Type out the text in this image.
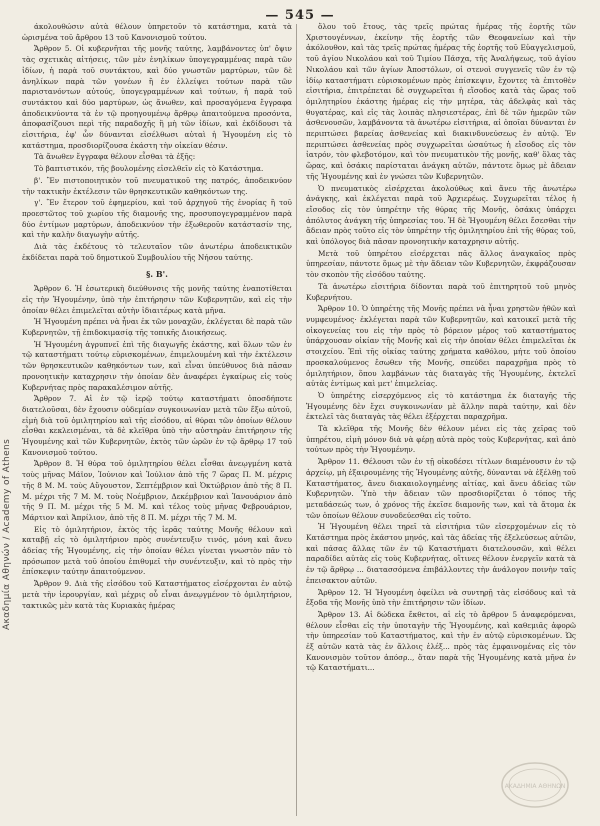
— 545 —
Ακαδημία Αθηνών / Academy of Athens

άκολουθώσιν αὐτὰ θέλουν ὑπηρετοῦν τὸ κατάστημα, κατὰ τὰ ὡρισμένα τοῦ ἄρθρου 13 τοῦ Κανονισμοῦ τούτου.

Ἄρθρον 5. Οἱ κυβερνῆται τῆς μονῆς ταύτης, λαμβάνοντες ὑπ' ὄψιν τὰς σχετικὰς αἰτήσεις, τῶν μὲν ἐνηλίκων ὑπογεγραμμένας παρὰ τῶν ἰδίων, ἡ παρὰ τοῦ συντάκτου, καὶ δύο γνωστῶν μαρτύρων, τῶν δὲ ἀνηλίκων παρὰ τῶν γονέων ἢ ἐν ἐλλείψει τούτων παρὰ τῶν παριστανόντων αὐτούς, ὑπογεγραμμένων καὶ τούτων, ἡ παρὰ τοῦ συντάκτου καὶ δύο μαρτύρων, ὡς ἄνωθεν, καὶ προσαγόμενα ἔγγραφα ἀποδεικνύοντα τὰ ἐν τῷ προηγουμένῳ ἄρθρῳ ἀπαιτούμενα προσόντα, ἀποφασίζουσι περὶ τῆς παραδοχῆς ἢ μὴ τῶν ἰδίων, καὶ ἐκδίδουσι τὰ εἰσιτήρια, ἐφ' ὧν δύνανται εἰσέλθωσι αὐταὶ ἡ Ἡγουμένη εἰς τὸ κατάστημα, προσδιορίζουσα ἑκάστη τὴν οἰκείαν θέσιν.

Τὰ ἄνωθεν ἔγγραφα θέλουν εἶσθαι τὰ ἑξῆς:

Τὸ βαπτιστικόν, τῆς βουλομένης εἰσελθεῖν εἰς τὸ Κατάστημα.

β'. Ἓν πιστοποιητικὸν τοῦ πνευματικοῦ της πατρός, ἀποδεικνύον τὴν τακτικὴν ἐκτέλεσιν τῶν θρησκευτικῶν καθηκόντων της.

γ'. Ἓν ἕτερον τοῦ ἐφημερίου, καὶ τοῦ ἀρχηγοῦ τῆς ἐνορίας ἢ τοῦ προεστῶτος τοῦ χωρίου τῆς διαμονῆς της, προσυπογεγραμμένον παρὰ δύο ἐντίμων μαρτύρων, ἀποδεικνύον τὴν ἐξωθεροῦν κατάστασίν της, καὶ τὴν καλὴν διαγωγὴν αὐτῆς.

Διὰ τὰς ἐκδέτους τὸ τελευταῖον τῶν ἀνωτέρω ἀποδεικτικῶν ἐκδίδεται παρὰ τοῦ δημοτικοῦ Συμβουλίου τῆς Νήσου ταύτης.

§. Β'.

Ἄρθρον 6. Ἡ ἐσωτερικὴ διεύθυνσις τῆς μονῆς ταύτης ἐναποτίθεται εἰς τὴν Ἡγουμένην, ὑπὸ τὴν ἐπιτήρησιν τῶν Κυβερνητῶν, καὶ εἰς τὴν ὁποίαν θέλει ἐπιμελεῖται αὐτὴν ἰδιαιτέρως κατὰ μῆνα.

Ἡ Ἡγουμένη πρέπει νὰ ἦναι ἐκ τῶν μοναχῶν, ἐκλέγεται δὲ παρὰ τῶν Κυβερνητῶν, τῇ ἐπιδοκιμασίᾳ τῆς τοπικῆς Διοικήσεως.

Ἡ Ἡγουμένη ἀγρυπνεῖ ἐπὶ τῆς διαγωγῆς ἑκάστης, καὶ ὅλων τῶν ἐν τῷ καταστήματι τούτῳ εὑρισκομένων, ἐπιμελουμένη καὶ τὴν ἐκτέλεσιν τῶν θρησκευτικῶν καθηκόντων των, καὶ εἶναι ὑπεύθυνος διὰ πᾶσαν προνοητικὴν καταχρησιν τὴν ὁποίαν δὲν ἀναφέρει ἐγκαίρως εἰς τοὺς Κυβερνήτας πρὸς παρακαλέσιμον αὐτῆς.

Ἄρθρον 7. Αἱ ἐν τῷ ἱερῷ τούτῳ καταστήματι ὁποσδήποτε διατελοῦσαι, δὲν ἔχουσιν οὐδεμίαν συγκοινωνίαν μετὰ τῶν ἔξω αὐτοῦ, εἰμὴ διὰ τοῦ ὁμιλητηρίου καὶ τῆς εἰσόδου, αἱ θύραι τῶν ὁποίων θέλουν εἶσθαι κεκλεισμέναι, τὰ δὲ κλεῖθρα ὑπὸ τὴν αὐστηρὰν ἐπιτήρησιν τῆς Ἡγουμένης καὶ τῶν Κυβερνητῶν, ἐκτὸς τῶν ὡρῶν ἐν τῷ ἄρθρῳ 17 τοῦ Κανονισμοῦ τούτου.

Ἄρθρον 8. Ἡ θύρα τοῦ ὁμιλητηρίου θέλει εἶσθαι ἀνεῳγμένη κατὰ τοὺς μῆνας Μάϊον, Ἰούνιον καὶ Ἰούλιον ἀπὸ τῆς 7 ὥρας Π. Μ. μέχρις τῆς 8 Μ. Μ. τοὺς Αὔγουστον, Σεπτέμβριον καὶ Ὀκτώβριον ἀπὸ τῆς 8 Π. Μ. μέχρι τῆς 7 Μ. Μ. τοὺς Νοέμβριον, Δεκέμβριον καὶ Ἰανουάριον ἀπὸ τῆς 9 Π. Μ. μέχρι τῆς 5 Μ. Μ. καὶ τέλος τοὺς μῆνας Φεβρουάριον, Μάρτιον καὶ Ἀπρίλιον, ἀπὸ τῆς 8 Π. Μ. μέχρι τῆς 7 Μ. Μ.

Εἰς τὸ ὁμιλητήριον, ἐκτὸς τῆς ἱερᾶς ταύτης Μονῆς θέλουν καὶ καταβῇ εἰς τὸ ὁμιλητήριον πρὸς συνέντευξιν τινός, μόνη καὶ ἄνευ ἀδείας τῆς Ἡγουμένης, εἰς τὴν ὁποίαν θέλει γίνεται γνωστὸν πᾶν τὸ πρόσωπον μετὰ τοῦ ὁποίου ἐπιθυμεῖ τὴν συνέντευξιν, καὶ τὸ πρὸς τὴν ἐπίσκεψιν ταύτην ἀπαιτούμενον.

Ἄρθρον 9. Διὰ τῆς εἰσόδου τοῦ Καταστήματος εἰσέρχονται ἐν αὐτῷ μετὰ τὴν ἱερουργίαν, καὶ μέχρις οὗ εἶναι ἀνεῳγμένον τὸ ὁμιλητήριον, τακτικῶς μὲν κατὰ τὰς Κυριακὰς ἡμέρας

ὅλου τοῦ ἔτους, τὰς τρεῖς πρώτας ἡμέρας τῆς ἑορτῆς τῶν Χριστουγέννων, ἐκείνην τῆς ἑορτῆς τῶν Θεοφανείων καὶ τὴν ἀκόλουθον, καὶ τὰς τρεῖς πρώτας ἡμέρας τῆς ἑορτῆς τοῦ Εὐαγγελισμοῦ, τοῦ ἁγίου Νικολάου καὶ τοῦ Τιμίου Πάσχα, τῆς Ἀναλήψεως, τοῦ ἁγίου Νικολάου καὶ τῶν ἁγίων Ἀποστόλων, οἱ στενοὶ συγγενεῖς τῶν ἐν τῷ ἰδίῳ καταστήματι εὑρισκομένων πρὸς ἐπίσκεψιν, ἔχοντες τὰ ἐπιτοθὲν εἰσιτήρια, ἐπιτρέπεται δὲ συγχωρεῖται ἡ εἴσοδος κατὰ τὰς ὥρας τοῦ ὁμιλητηρίου ἑκάστης ἡμέρας εἰς τὴν μητέρα, τὰς ἀδελφὰς καὶ τὰς θυγατέρας, καὶ εἰς τὰς λοιπὰς πλησιεστέρας, ἐπὶ δὲ τῶν ἡμερῶν τῶν ἀσθενουσῶν, λαμβάνοντα τὰ ἀνωτέρω εἰσιτήρια, αἱ ὁποῖαι δύνανται ἐν περιπτώσει βαρείας ἀσθενείας καὶ διακινδυνεύσεως ἐν αὐτῷ. Ἐν περιπτώσει ἀσθενείας πρὸς συγχωρεῖται ὡσαύτως ἡ εἴσοδος εἰς τὸν ἰατρόν, τὸν φλεβοτόμον, καὶ τὸν πνευματικὸν τῆς μονῆς, καθ' ὅλας τὰς ὥρας, καὶ ὁσάκις παρίσταται ἀνάγκη αὐτῶν, πάντοτε ὅμως μὲ ἄδειαν τῆς Ἡγουμένης καὶ ἐν γνώσει τῶν Κυβερνητῶν.

Ὁ πνευματικὸς εἰσέρχεται ἀκολούθως καὶ ἄνευ τῆς ἀνωτέρω ἀνάγκης, καὶ ἐκλέγεται παρὰ τοῦ Ἀρχιερέως. Συγχωρεῖται τέλος ἡ εἴσοδος εἰς τὸν ὑπηρέτην τῆς θύρας τῆς Μονῆς, ὁσάκις ὑπάρχει ἀπόλυτος ἀνάγκη τῆς ὑπηρεσίας του. Ἡ δὲ Ἡγουμένη θέλει ἔσεσθαι τὴν ἄδειαν πρὸς τοῦτο εἰς τὸν ὑπηρέτην τῆς ὁμιλητηρίου ἐπὶ τῆς θύρας τοῦ, καὶ ὑπόλογος διὰ πᾶσαν προνοητικὴν καταχρησιν αὐτῆς.

Μετὰ τοῦ ὑπηρέτου εἰσέρχεται πᾶς ἄλλος ἀναγκαῖος πρὸς ὑπηρεσίαν, πάντοτε ὅμως μὲ τὴν ἄδειαν τῶν Κυβερνητῶν, ἐκφράζουσαν τὸν σκοπὸν τῆς εἰσόδου ταύτης.

Τὰ ἀνωτέρω εἰσιτήρια δίδονται παρὰ τοῦ ἐπιτηρητοῦ τοῦ μηνὸς Κυβερνήτου.

Ἄρθρον 10. Ὁ ὑπηρέτης τῆς Μονῆς πρέπει νὰ ἦναι χρηστῶν ἠθῶν καὶ νυμφευμένος· ἐκλέγεται παρὰ τῶν Κυβερνητῶν, καὶ κατοικεῖ μετὰ τῆς οἰκογενείας του εἰς τὴν πρὸς τὸ βόρειον μέρος τοῦ καταστήματος ὑπάρχουσαν οἰκίαν τῆς Μονῆς καὶ εἰς τὴν ὁποίαν θέλει ἐπιμελεῖται ἐκ στοιχείου. Ἐπὶ τῆς οἰκίας ταύτης χρήματα καθόλου, μήτε τοῦ ὁποίου προσκαλούμενος ἔσωθεν τῆς Μονῆς, σπεύδει παραχρῆμα πρὸς τὸ ὁμιλητήριον, ὅπου λαμβάνων τὰς διαταγὰς τῆς Ἡγουμένης, ἐκτελεῖ αὐτὰς ἐντίμως καὶ μετ' ἐπιμελείας.

Ὁ ὑπηρέτης εἰσερχόμενος εἰς τὸ κατάστημα ἐκ διαταγῆς τῆς Ἡγουμένης δὲν ἔχει συγκοινωνίαν μὲ ἄλλην παρὰ ταύτην, καὶ δὲν ἐκτελεῖ τὰς διαταγὰς τὰς θέλει ἐξέρχεται παραχρῆμα.

Τὰ κλεῖθρα τῆς Μονῆς δὲν θέλουν μένει εἰς τὰς χεῖρας τοῦ ὑπηρέτου, εἰμὴ μόνον διὰ νὰ φέρῃ αὐτὰ πρὸς τοὺς Κυβερνήτας, καὶ ἀπὸ τούτων πρὸς τὴν Ἡγουμένην.

Ἄρθρον 11. Θέλουσι τῶν ἐν τῇ οἰκοδέσει τίτλων διαμένουσιν ἐν τῷ ἀρχείῳ, μὴ ἐξαιρουμένης τῆς Ἡγουμένης αὐτῆς, δύνανται νὰ ἐξέλθῃ τοῦ Καταστήματος, ἄνευ διακαιολογημένης αἰτίας, καὶ ἄνευ ἀδείας τῶν Κυβερνητῶν. Ὑπὸ τὴν ἄδειαν τῶν προσδιορίζεται ὁ τόπος τῆς μεταδάσεώς των, ὁ χρόνος τῆς ἐκεῖσε διαμονῆς των, καὶ τὰ ἄτομα ἐκ τῶν ὁποίων θέλουν συνοδεύεσθαι εἰς τοῦτο.

Ἡ Ἡγουμένη θέλει τηρεῖ τὰ εἰσιτήρια τῶν εἰσερχομένων εἰς τὸ Κατάστημα πρὸς ἑκάστου μηνός, καὶ τὰς ἀδείας τῆς ἐξελεύσεως αὐτῶν, καὶ πάσας ἄλλας τῶν ἐν τῷ Καταστήματι διατελουσῶν, καὶ θέλει παραδίδει αὐτὰς εἰς τοὺς Κυβερνήτας, οἵτινες θέλουν ἐνεργεῖν κατὰ τὰ ἐν τῷ ἄρθρῳ ... διατασσόμενα ἐπιβάλλοντες τὴν ἀνάλογον ποινὴν ταῖς ἐπεισακτον αὐτῶν.

Ἄρθρον 12. Ἡ Ἡγουμένη ὀφείλει νὰ συντηρῇ τὰς εἰσόδους καὶ τὰ ἔξοδα τῆς Μονῆς ὑπὸ τὴν ἐπιτήρησιν τῶν ἰδίων.

Ἄρθρον 13. Αἱ δώδεκα ἔκθετοι, αἱ εἰς τὸ ἄρθρον 5 ἀναφερόμεναι, θέλουν εἶσθαι εἰς τὴν ὑποταγὴν τῆς Ἡγουμένης, καὶ καθεμιᾶς ἀφορῶ τὴν ὑπηρεσίαν τοῦ Καταστήματος, καὶ τὴν ἐν αὐτῷ εὑρισκομένων. Ὡς ἐξ αὐτῶν κατὰ τὰς ἐν ἄλλοις ἐλέξ... πρὸς τὰς ἐμφαινομένας εἰς τὸν Κανονισμὸν τοῦτον ἀπόσρ.., ὅταν παρὰ τῆς Ἡγουμένης κατὰ μῆνα ἐν τῷ Καταστήματι...

ΑΚΑΔΗΜΙΑ ΑΘΗΝΩΝ
